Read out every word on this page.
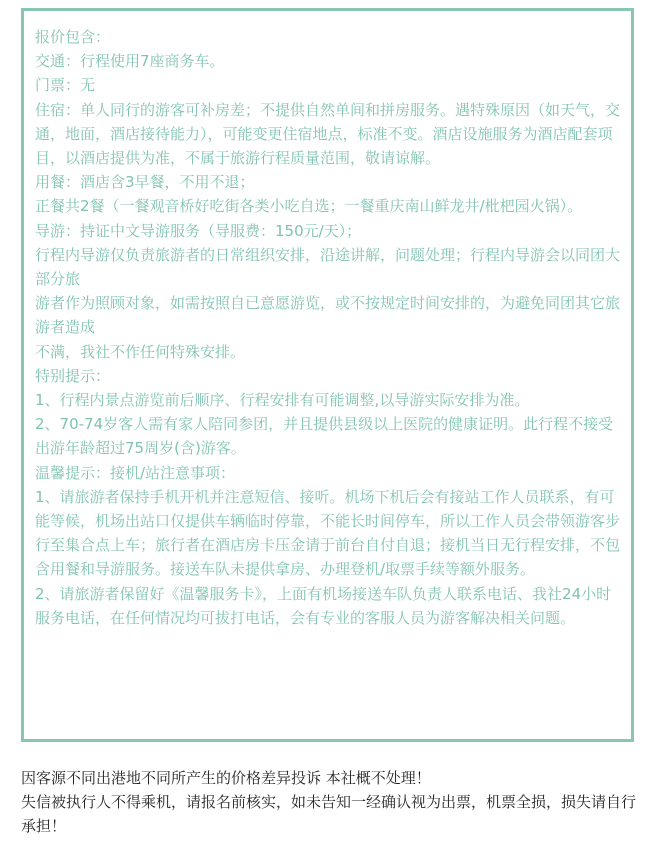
报价包含：

交通：行程使用7座商务车。

门票：无

住宿：单人同行的游客可补房差；不提供自然单间和拼房服务。遇特殊原因（如天气，交通，地面，酒店接待能力），可能变更住宿地点，标准不变。酒店设施服务为酒店配套项目，以酒店提供为准，不属于旅游行程质量范围，敬请谅解。

用餐：酒店含3早餐，不用不退；

正餐共2餐（一餐观音桥好吃街各类小吃自选；一餐重庆南山鲜龙井/枇杷园火锅）。

导游：持证中文导游服务（导服费：150元/天）；

行程内导游仅负责旅游者的日常组织安排，沿途讲解，问题处理；行程内导游会以同团大部分旅

游者作为照顾对象，如需按照自已意愿游览，或不按规定时间安排的，为避免同团其它旅游者造成

不满，我社不作任何特殊安排。

特别提示：

1、行程内景点游览前后顺序、行程安排有可能调整,以导游实际安排为准。

2、70-74岁客人需有家人陪同参团，并且提供县级以上医院的健康证明。此行程不接受出游年龄超过75周岁(含)游客。

温馨提示：接机/站注意事项：

1、请旅游者保持手机开机并注意短信、接听。机场下机后会有接站工作人员联系，有可能等候，机场出站口仅提供车辆临时停靠，不能长时间停车，所以工作人员会带领游客步行至集合点上车；旅行者在酒店房卡压金请于前台自付自退；接机当日无行程安排，不包含用餐和导游服务。接送车队未提供拿房、办理登机/取票手续等额外服务。

2、请旅游者保留好《温馨服务卡》，上面有机场接送车队负责人联系电话、我社24小时服务电话，在任何情况均可拔打电话，会有专业的客服人员为游客解决相关问题。

因客源不同出港地不同所产生的价格差异投诉 本社概不处理！

失信被执行人不得乘机，请报名前核实，如未告知一经确认视为出票，机票全损，损失请自行承担！
